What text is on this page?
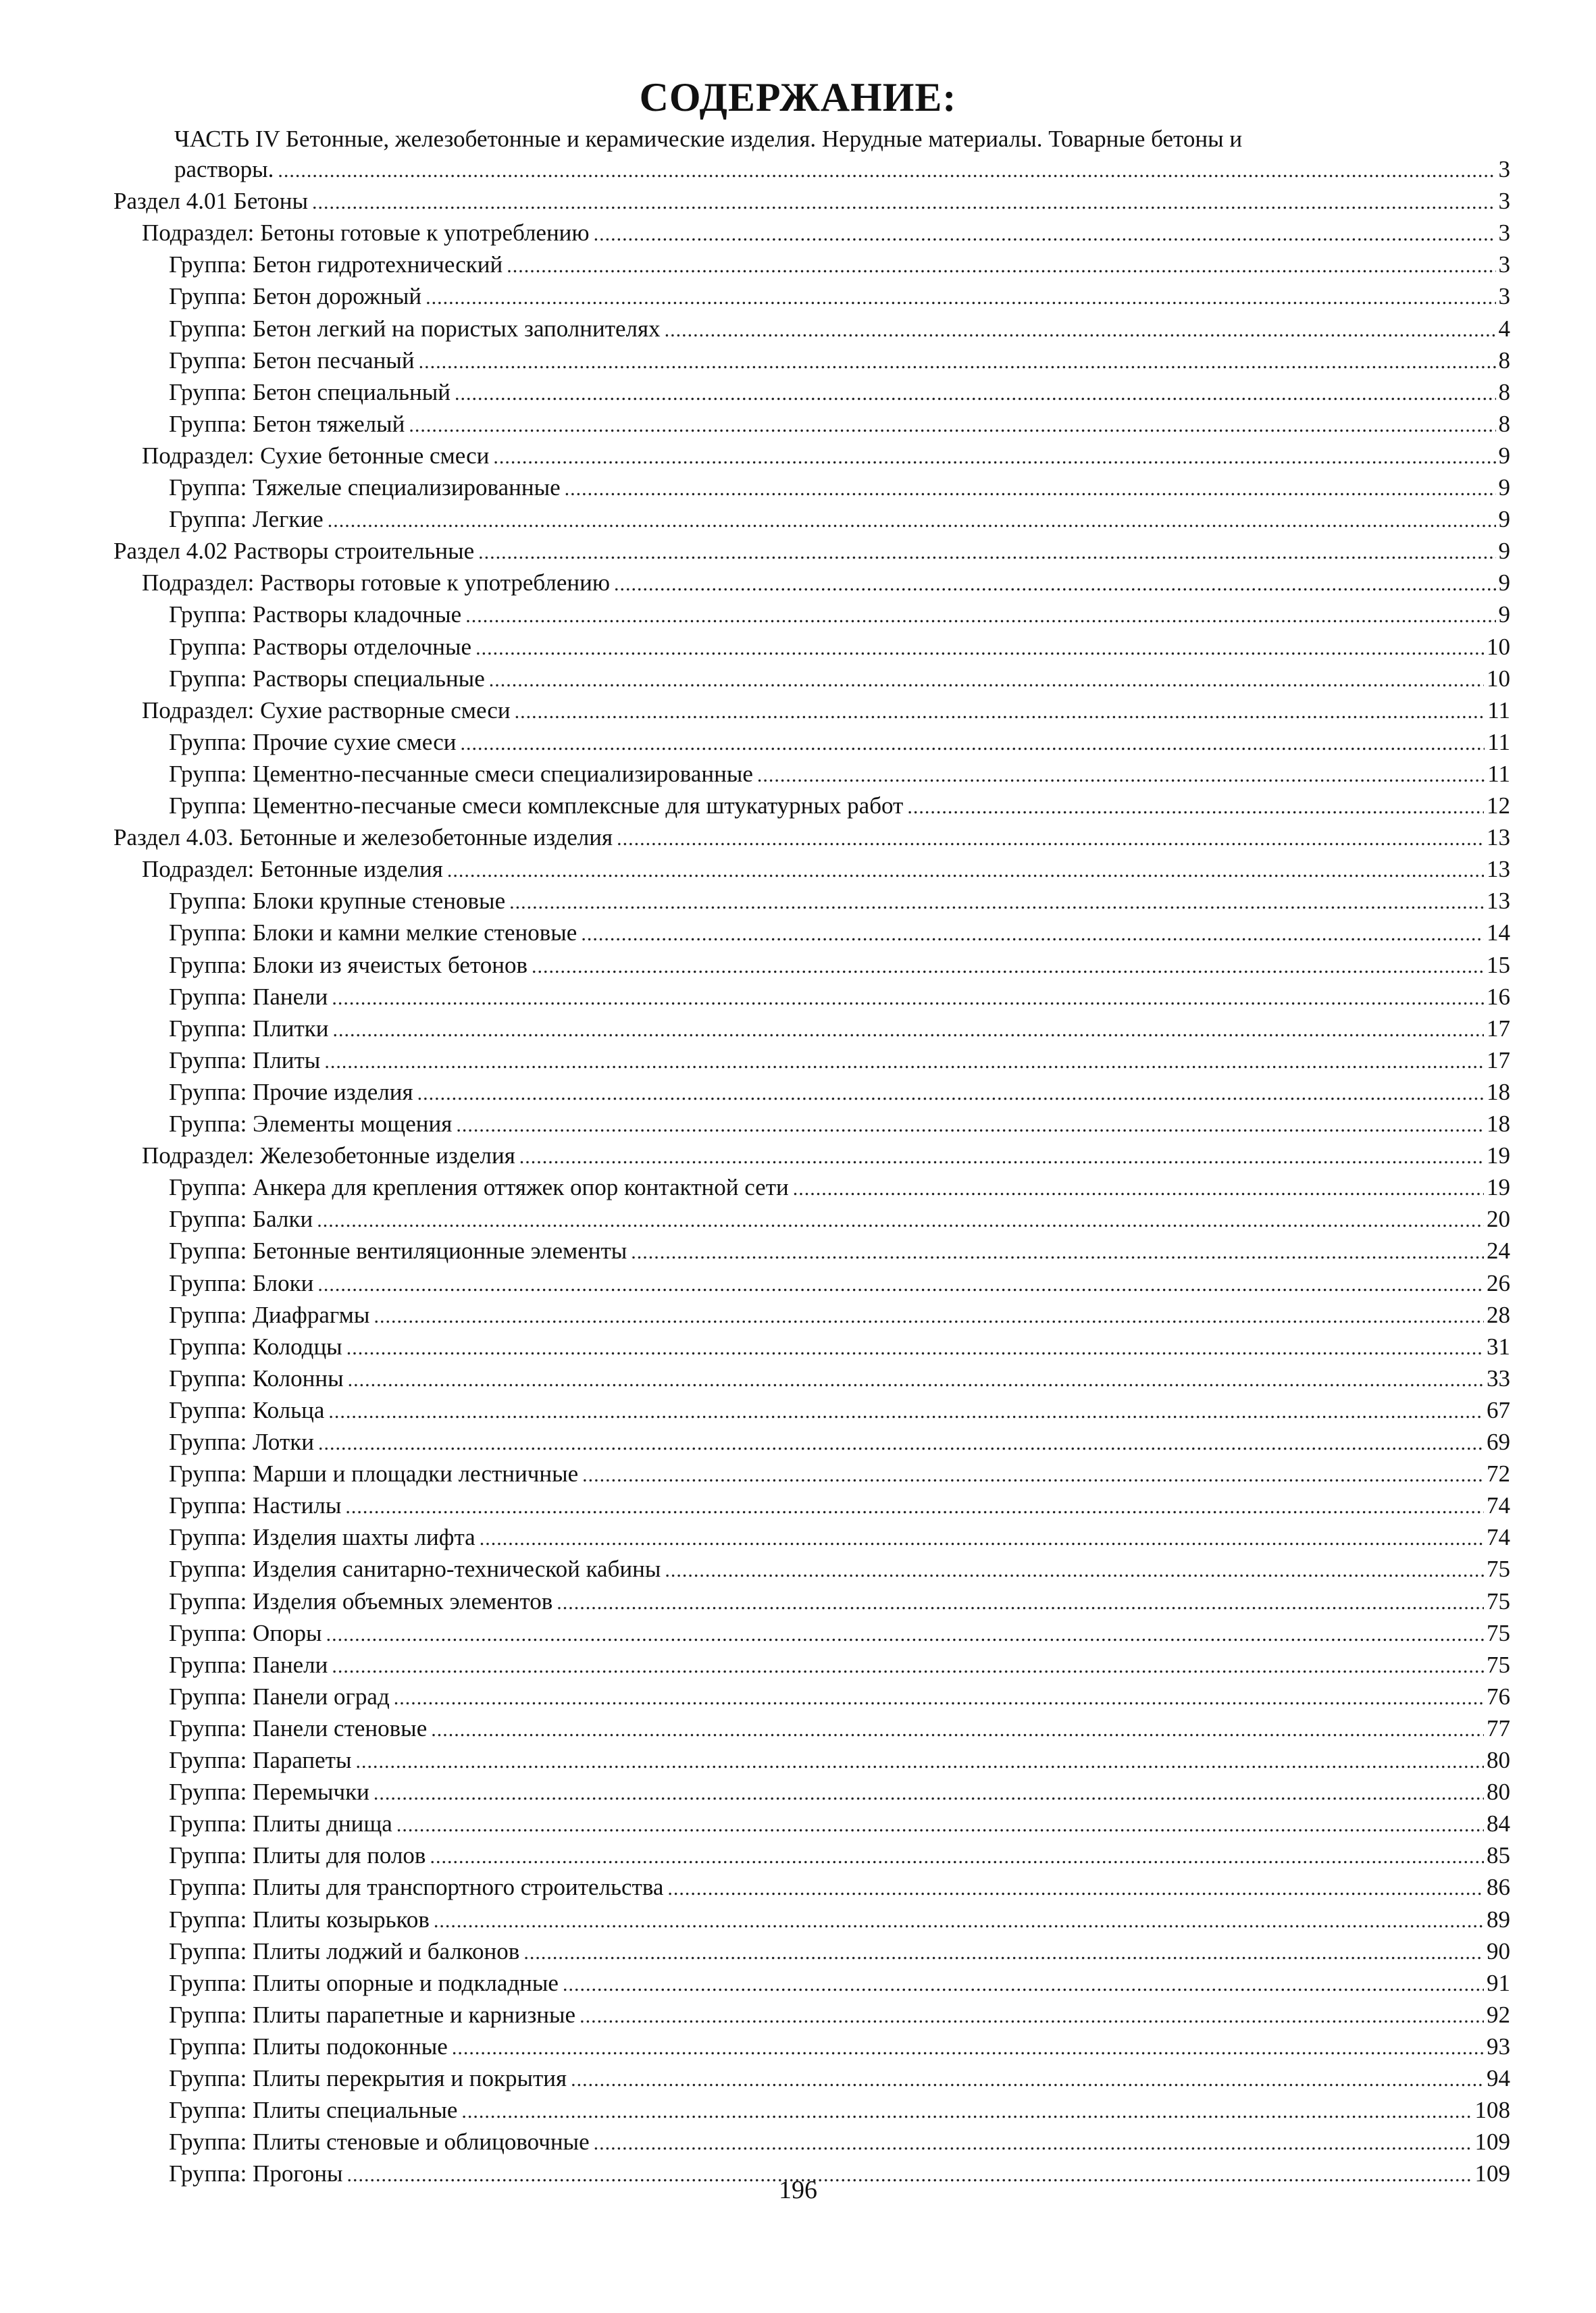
СОДЕРЖАНИЕ:
ЧАСТЬ IV Бетонные, железобетонные и керамические изделия. Нерудные материалы. Товарные бетоны и
растворы. .....	3
Раздел 4.01 Бетоны .....	3
Подраздел: Бетоны готовые к употреблению .....	3
Группа: Бетон гидротехнический .....	3
Группа: Бетон дорожный .....	3
Группа: Бетон легкий на пористых заполнителях .....	4
Группа: Бетон песчаный .....	8
Группа: Бетон специальный .....	8
Группа: Бетон тяжелый .....	8
Подраздел: Сухие бетонные смеси .....	9
Группа: Тяжелые специализированные .....	9
Группа: Легкие .....	9
Раздел 4.02 Растворы строительные .....	9
Подраздел: Растворы готовые к употреблению .....	9
Группа: Растворы кладочные .....	9
Группа: Растворы отделочные .....	10
Группа: Растворы специальные .....	10
Подраздел: Сухие растворные смеси .....	11
Группа: Прочие сухие смеси .....	11
Группа: Цементно-песчанные смеси специализированные .....	11
Группа: Цементно-песчаные смеси комплексные для штукатурных работ .....	12
Раздел 4.03. Бетонные и железобетонные изделия .....	13
Подраздел: Бетонные изделия .....	13
Группа: Блоки крупные стеновые .....	13
Группа: Блоки и камни мелкие стеновые .....	14
Группа: Блоки из ячеистых бетонов .....	15
Группа: Панели .....	16
Группа: Плитки .....	17
Группа: Плиты .....	17
Группа: Прочие изделия .....	18
Группа: Элементы мощения .....	18
Подраздел: Железобетонные изделия .....	19
Группа: Анкера для крепления оттяжек опор контактной сети .....	19
Группа: Балки .....	20
Группа: Бетонные вентиляционные элементы .....	24
Группа: Блоки .....	26
Группа: Диафрагмы .....	28
Группа: Колодцы .....	31
Группа: Колонны .....	33
Группа: Кольца .....	67
Группа: Лотки .....	69
Группа: Марши и площадки лестничные .....	72
Группа: Настилы .....	74
Группа: Изделия шахты лифта .....	74
Группа: Изделия санитарно-технической кабины .....	75
Группа: Изделия объемных элементов .....	75
Группа: Опоры .....	75
Группа: Панели .....	75
Группа: Панели оград .....	76
Группа: Панели стеновые .....	77
Группа: Парапеты .....	80
Группа: Перемычки .....	80
Группа: Плиты днища .....	84
Группа: Плиты для полов .....	85
Группа: Плиты для транспортного строительства .....	86
Группа: Плиты козырьков .....	89
Группа: Плиты лоджий и балконов .....	90
Группа: Плиты опорные и подкладные .....	91
Группа: Плиты парапетные и карнизные .....	92
Группа: Плиты подоконные .....	93
Группа: Плиты перекрытия и покрытия .....	94
Группа: Плиты специальные .....	108
Группа: Плиты стеновые и облицовочные .....	109
Группа: Прогоны .....	109
196
